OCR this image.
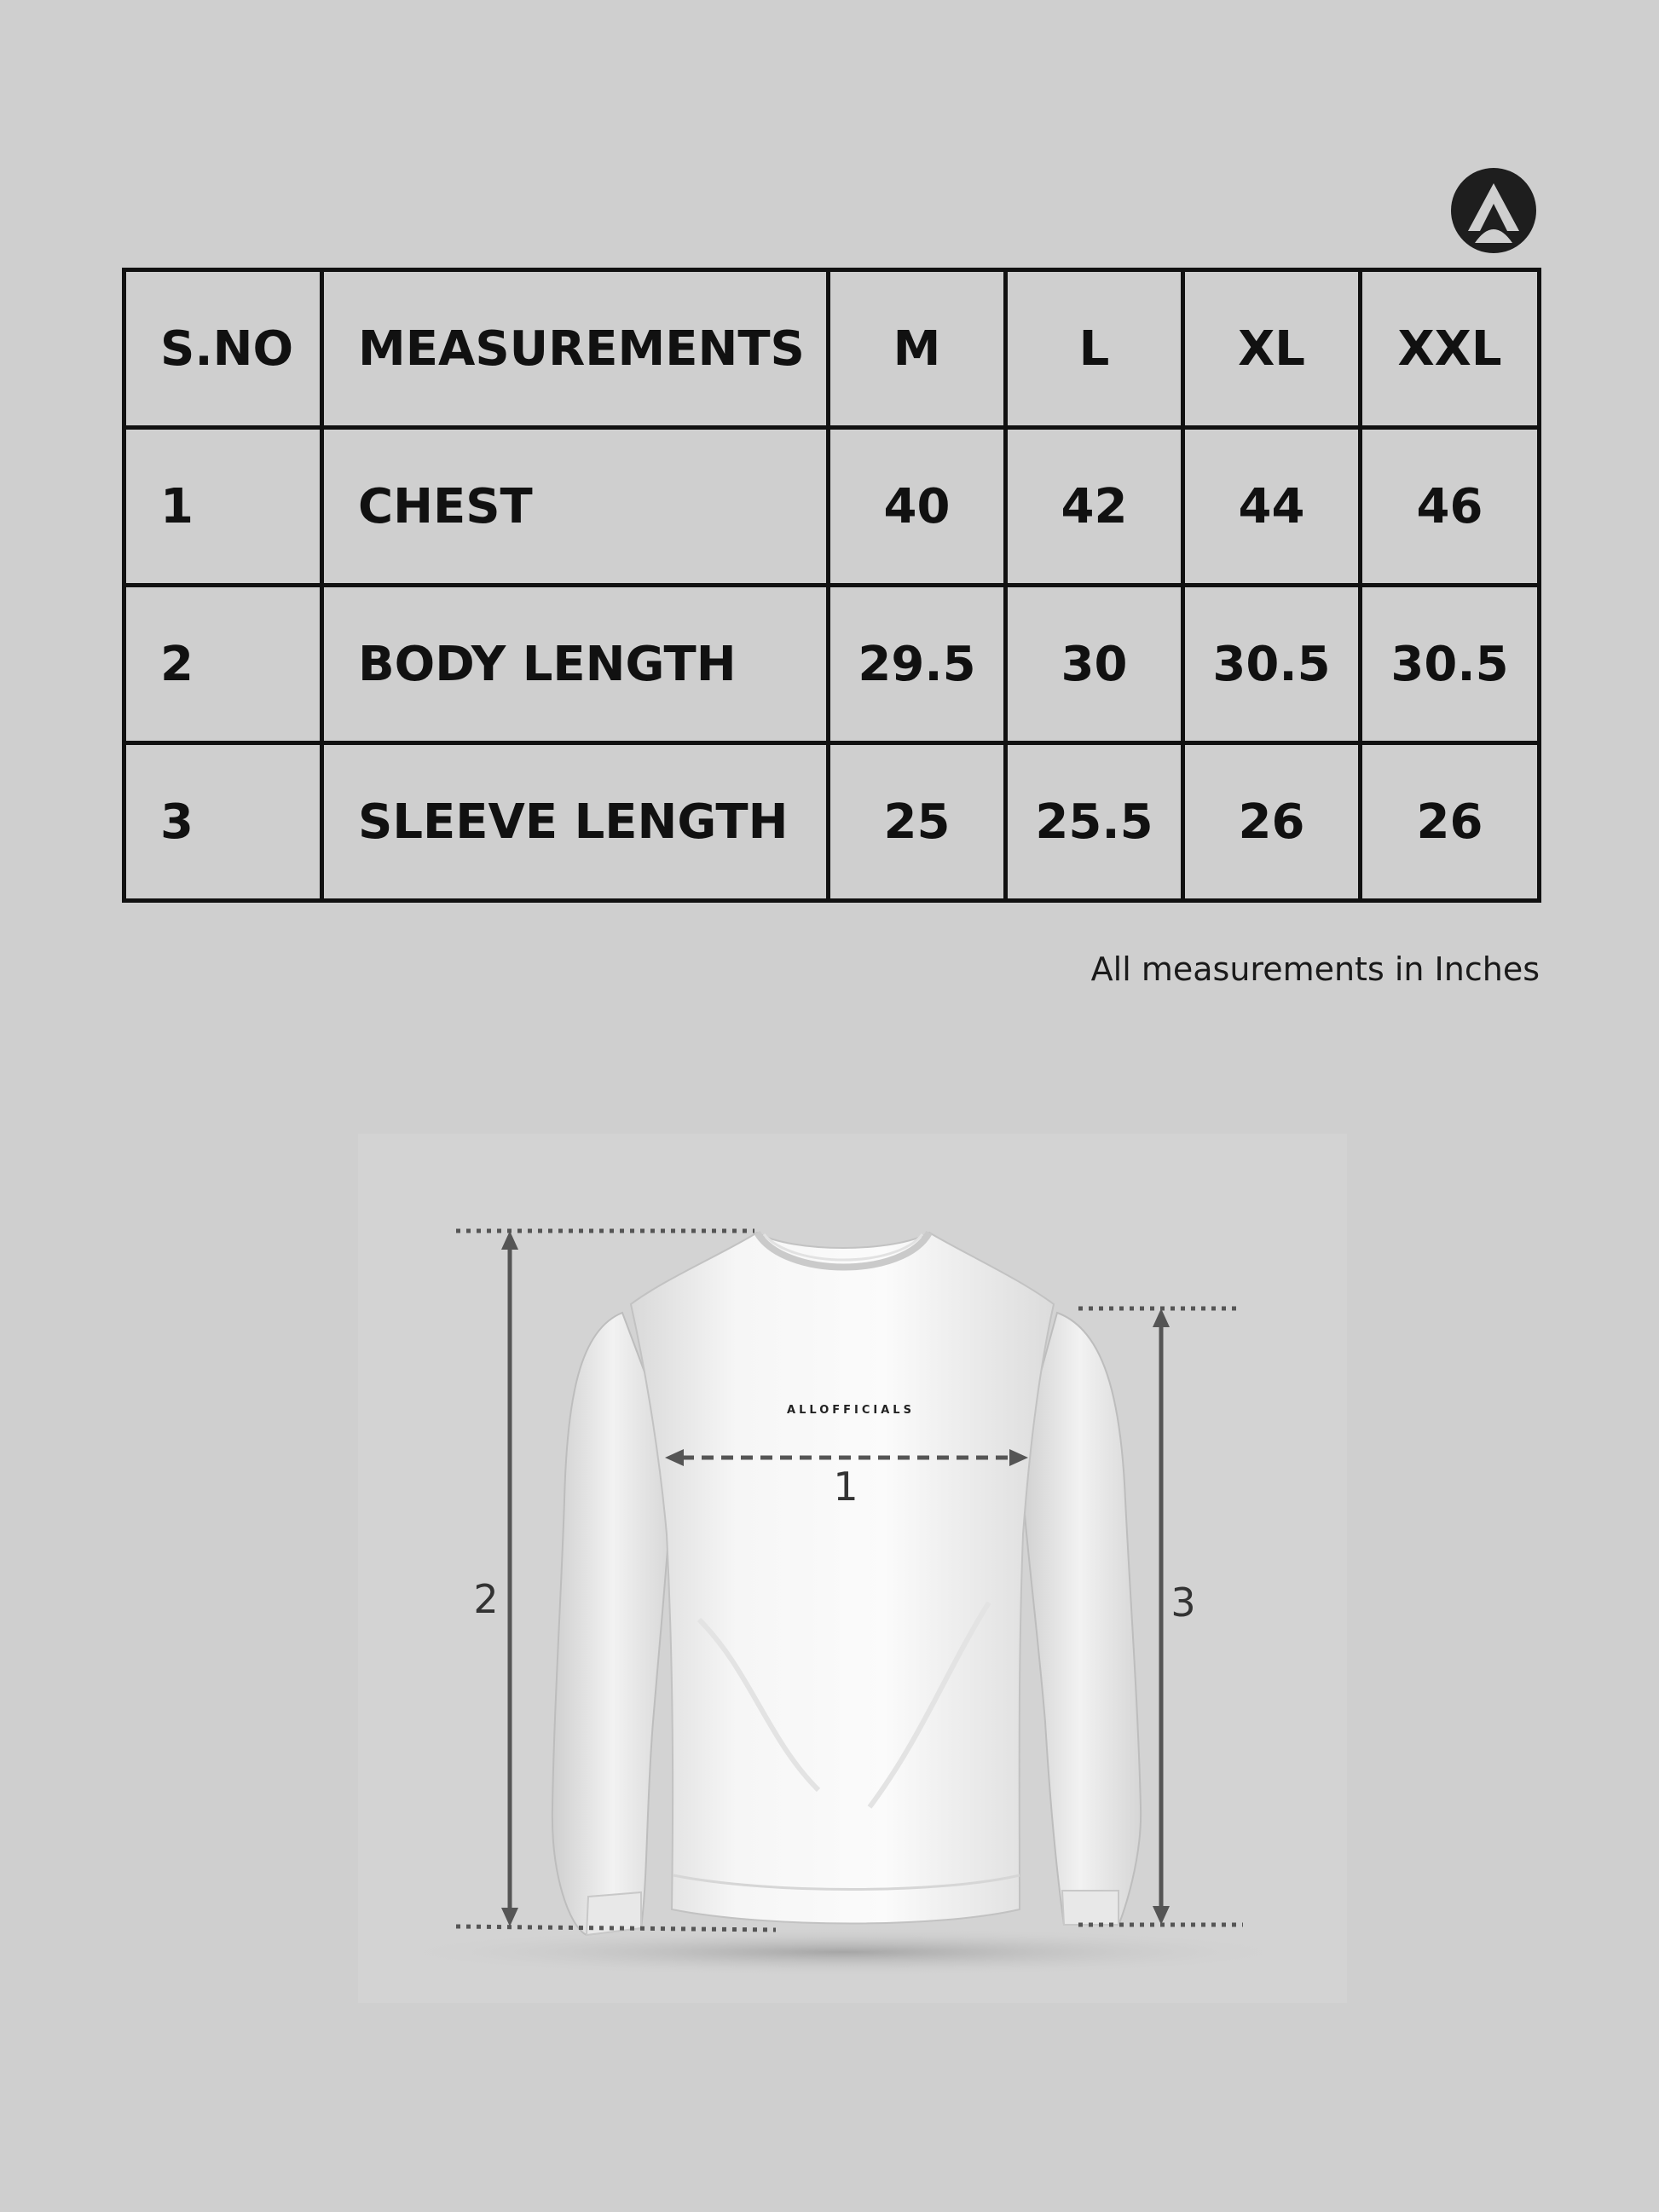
S.NO	MEASUREMENTS	M	L	XL	XXL
1	CHEST	40	42	44	46
2	BODY LENGTH	29.5	30	30.5	30.5
3	SLEEVE LENGTH	25	25.5	26	26
All measurements in Inches
ALLOFFICIALS
2	3
1
